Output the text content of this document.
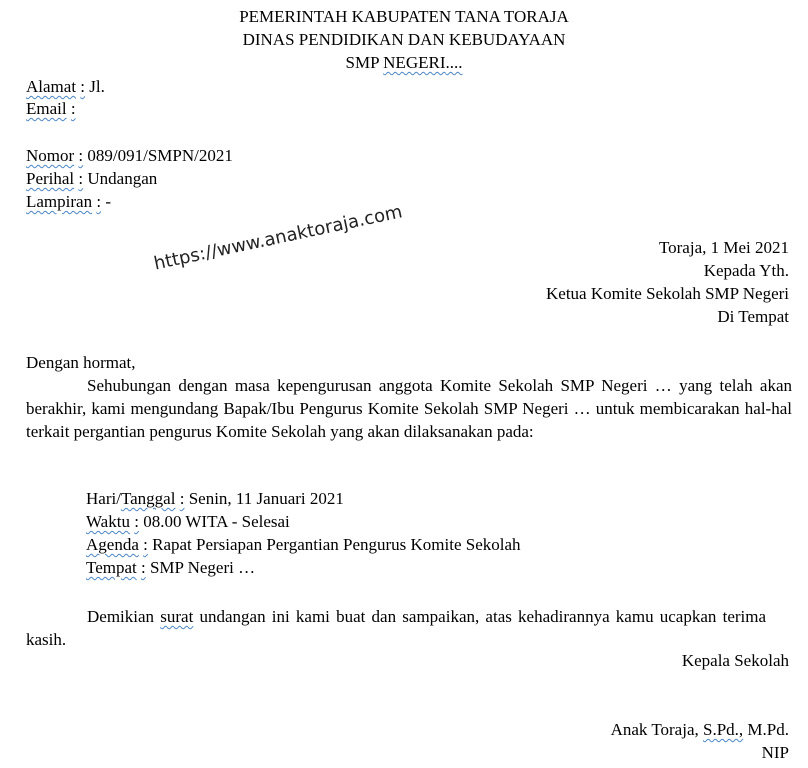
PEMERINTAH KABUPATEN TANA TORAJA
DINAS PENDIDIKAN DAN KEBUDAYAAN
SMP NEGERI....
Alamat : Jl.
Email :
Nomor : 089/091/SMPN/2021
Perihal : Undangan
Lampiran : - https://www.anaktoraja.com	Toraja, 1 Mei 2021
Kepada Yth.
Ketua Komite Sekolah SMP Negeri
Di Tempat
Dengan hormat,

Sehubungan dengan masa kepengurusan anggota Komite Sekolah SMP Negeri … yang telah akan berakhir, kami mengundang Bapak/Ibu Pengurus Komite Sekolah SMP Negeri … untuk membicarakan hal-hal terkait pergantian pengurus Komite Sekolah yang akan dilaksanakan pada:

Hari/Tanggal : Senin, 11 Januari 2021
Waktu : 08.00 WITA - Selesai
Agenda : Rapat Persiapan Pergantian Pengurus Komite Sekolah
Tempat : SMP Negeri …

Demikian surat undangan ini kami buat dan sampaikan, atas kehadirannya kamu ucapkan terima kasih.

Kepala Sekolah
Anak Toraja, S.Pd., M.Pd.
NIP
